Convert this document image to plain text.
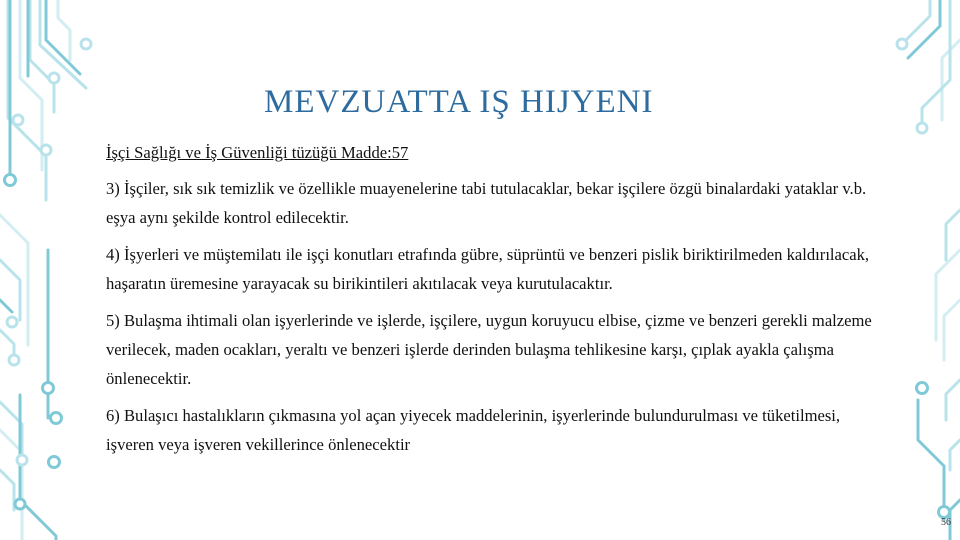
MEVZUATTA IŞ HIJYENI
İşçi Sağlığı ve İş Güvenliği tüzüğü Madde:57
3) İşçiler, sık sık temizlik ve özellikle muayenelerine tabi tutulacaklar, bekar işçilere özgü binalardaki yataklar v.b. eşya aynı şekilde kontrol edilecektir.
4) İşyerleri ve müştemilatı ile işçi konutları etrafında gübre, süprüntü ve benzeri pislik biriktirilmeden kaldırılacak, haşaratın üremesine yarayacak su birikintileri akıtılacak veya kurutulacaktır.
5) Bulaşma ihtimali olan işyerlerinde ve işlerde, işçilere, uygun koruyucu elbise, çizme ve benzeri gerekli malzeme verilecek, maden ocakları, yeraltı ve benzeri işlerde derinden bulaşma tehlikesine karşı, çıplak ayakla çalışma önlenecektir.
6) Bulaşıcı hastalıkların çıkmasına yol açan yiyecek maddelerinin, işyerlerinde bulundurulması ve tüketilmesi, işveren veya işveren vekillerince önlenecektir
56
